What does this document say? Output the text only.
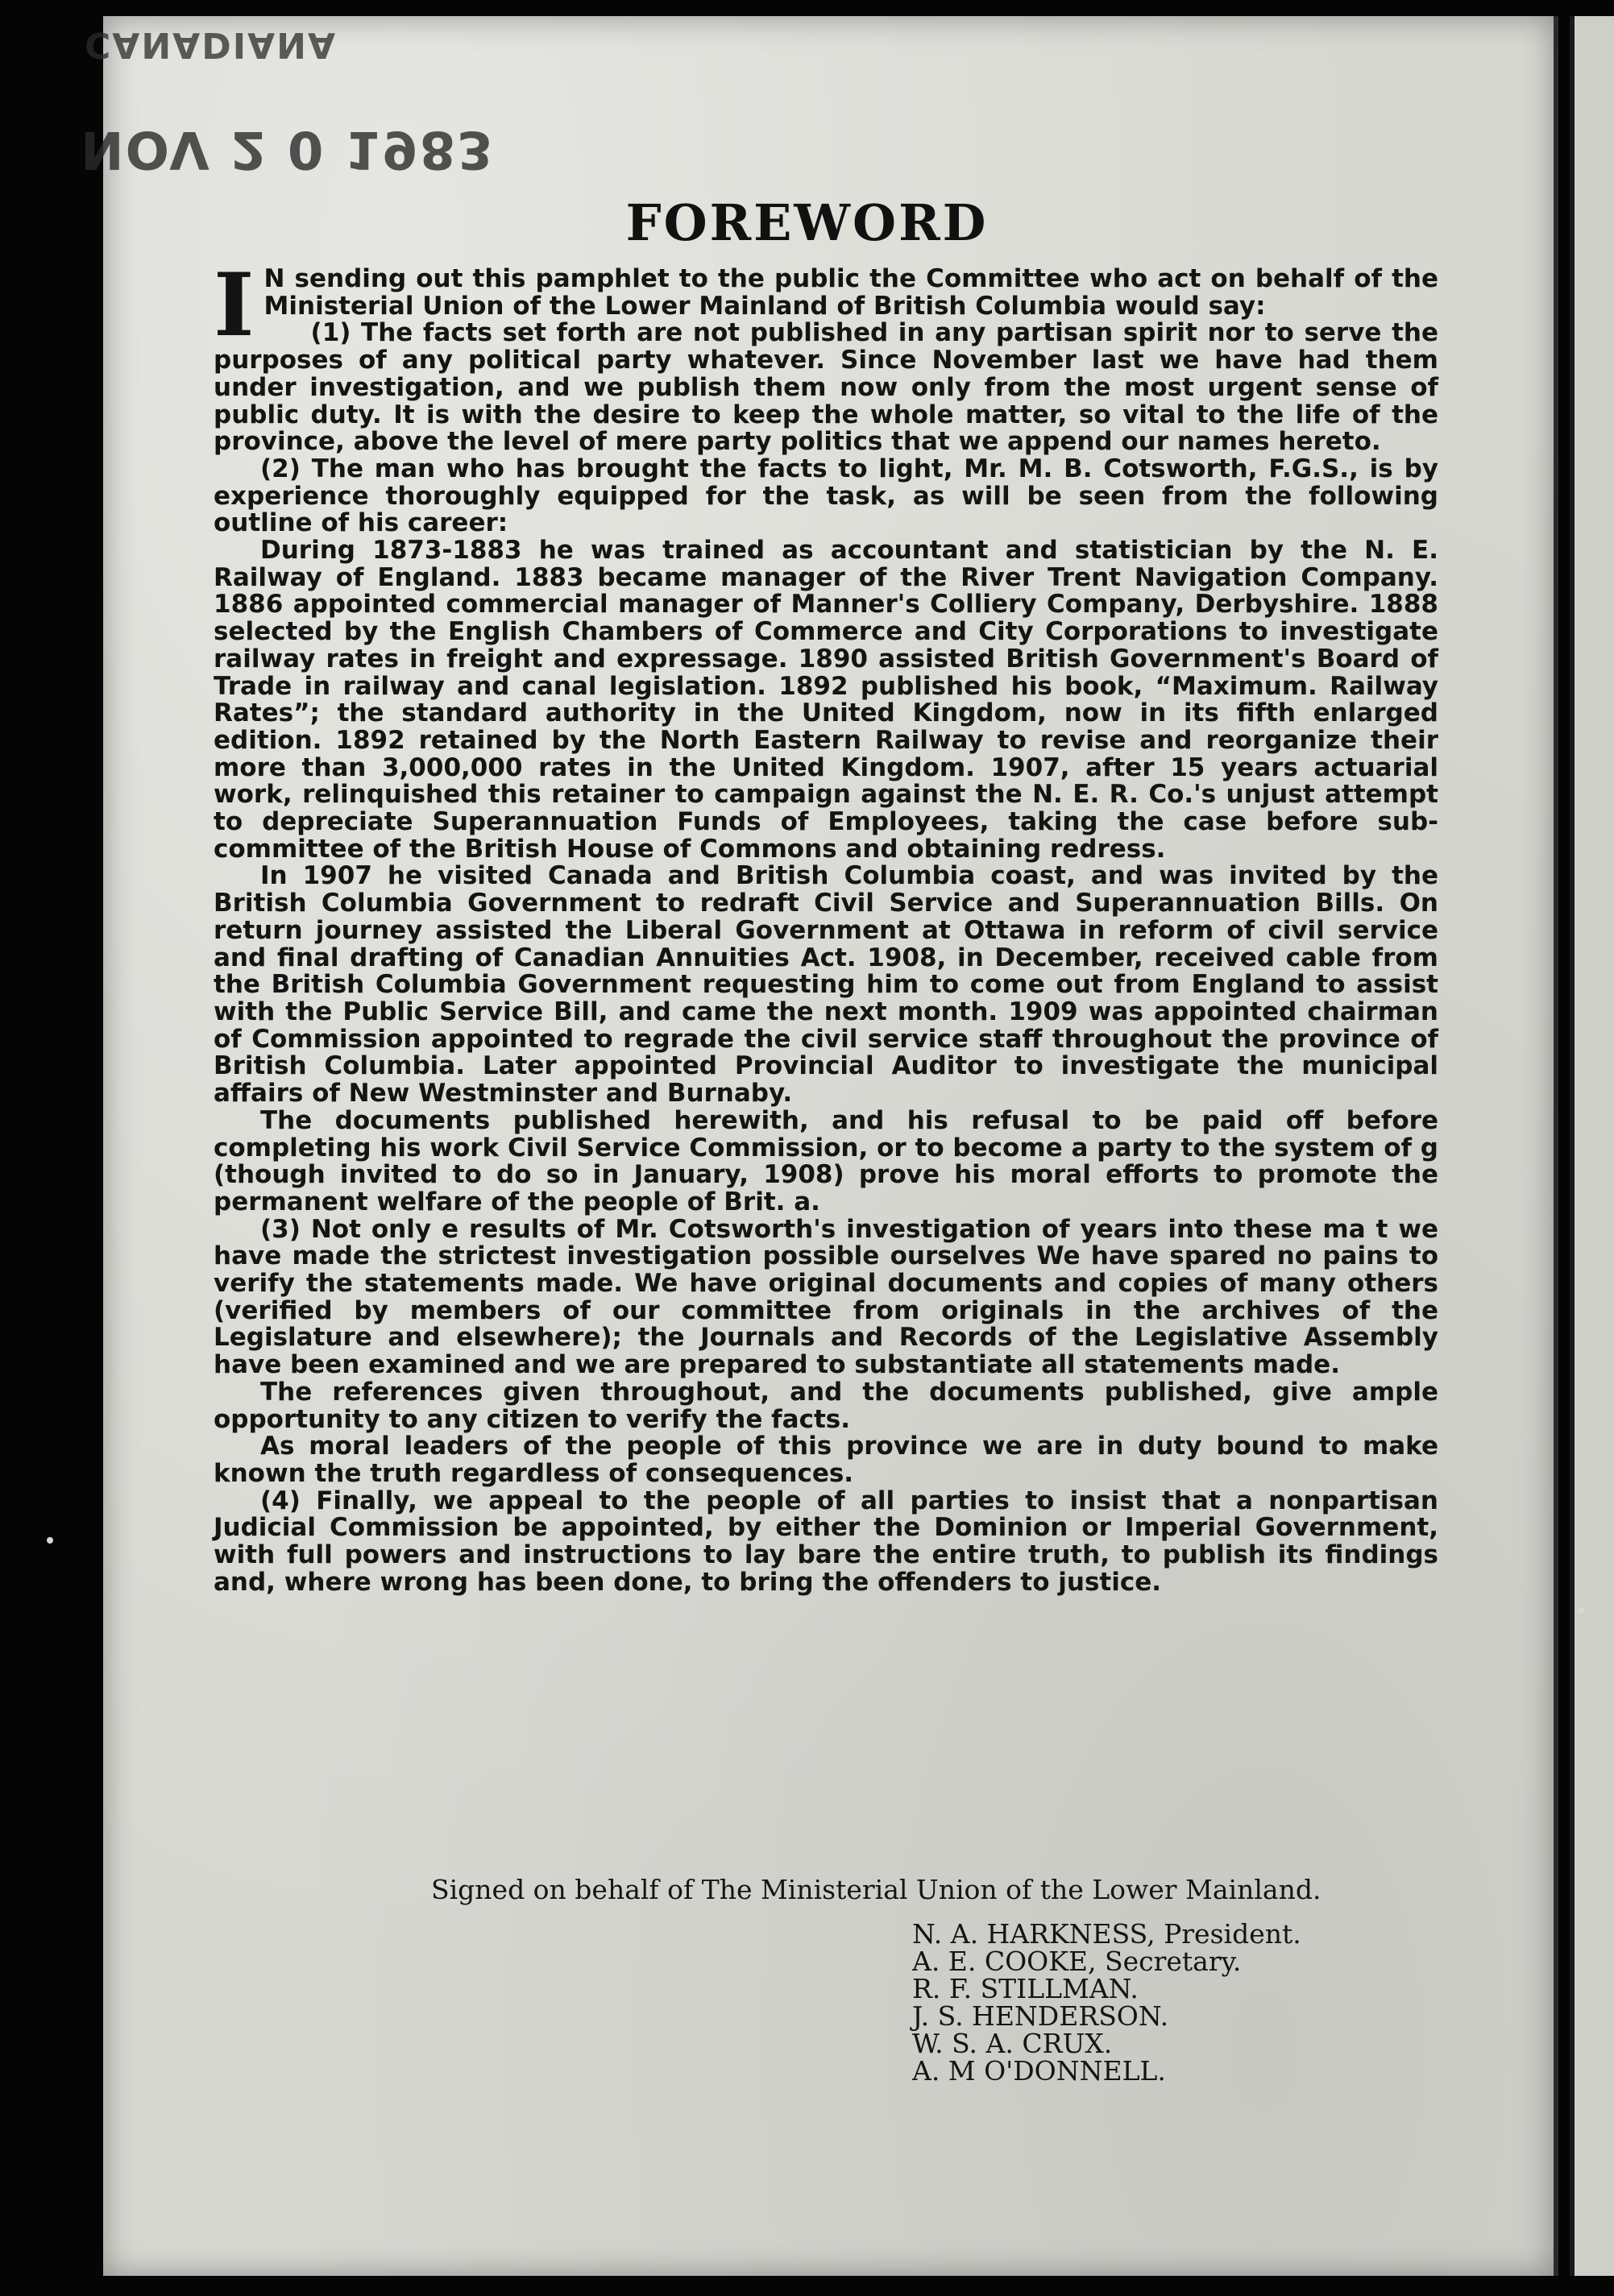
CANADIANA
NOV 2 0 1983
FOREWORD

I N sending out this pamphlet to the public the Committee who act on behalf of the Ministerial Union of the Lower Mainland of British Columbia would say:

(1) The facts set forth are not published in any partisan spirit nor to serve the purposes of any political party whatever. Since November last we have had them under investigation, and we publish them now only from the most urgent sense of public duty. It is with the desire to keep the whole matter, so vital to the life of the province, above the level of mere party politics that we append our names hereto.

(2) The man who has brought the facts to light, Mr. M. B. Cotsworth, F.G.S., is by experience thoroughly equipped for the task, as will be seen from the following outline of his career:

During 1873-1883 he was trained as accountant and statistician by the N. E. Railway of England. 1883 became manager of the River Trent Navigation Company. 1886 appointed commercial manager of Manner's Colliery Company, Derbyshire. 1888 selected by the English Chambers of Commerce and City Corporations to investigate railway rates in freight and expressage. 1890 assisted British Government's Board of Trade in railway and canal legislation. 1892 published his book, “Maximum. Railway Rates”; the standard authority in the United Kingdom, now in its fifth enlarged edition. 1892 retained by the North Eastern Railway to revise and reorganize their more than 3,000,000 rates in the United Kingdom. 1907, after 15 years actuarial work, relinquished this retainer to campaign against the N. E. R. Co.'s unjust attempt to depreciate Superannuation Funds of Employees, taking the case before sub-committee of the British House of Commons and obtaining redress.

In 1907 he visited Canada and British Columbia coast, and was invited by the British Columbia Government to redraft Civil Service and Superannuation Bills. On return journey assisted the Liberal Government at Ottawa in reform of civil service and final drafting of Canadian Annuities Act. 1908, in December, received cable from the British Columbia Government requesting him to come out from England to assist with the Public Service Bill, and came the next month. 1909 was appointed chairman of Commission appointed to regrade the civil service staff throughout the province of British Columbia. Later appointed Provincial Auditor to investigate the municipal affairs of New Westminster and Burnaby.

The documents published herewith, and his refusal to be paid off before completing his work Civil Service Commission, or to become a party to the system of g (though invited to do so in January, 1908) prove his moral efforts to promote the permanent welfare of the people of Brit. a.

(3) Not only e results of Mr. Cotsworth's investigation of years into these ma t we have made the strictest investigation possible ourselves We have spared no pains to verify the statements made. We have original documents and copies of many others (verified by members of our committee from originals in the archives of the Legislature and elsewhere); the Journals and Records of the Legislative Assembly have been examined and we are prepared to substantiate all statements made.

The references given throughout, and the documents published, give ample opportunity to any citizen to verify the facts.

As moral leaders of the people of this province we are in duty bound to make known the truth regardless of consequences.

(4) Finally, we appeal to the people of all parties to insist that a nonpartisan Judicial Commission be appointed, by either the Dominion or Imperial Government, with full powers and instructions to lay bare the entire truth, to publish its findings and, where wrong has been done, to bring the offenders to justice.

Signed on behalf of The Ministerial Union of the Lower Mainland.
N. A. HARKNESS, President.
A. E. COOKE, Secretary.
R. F. STILLMAN.
J. S. HENDERSON.
W. S. A. CRUX.
A. M O'DONNELL.
